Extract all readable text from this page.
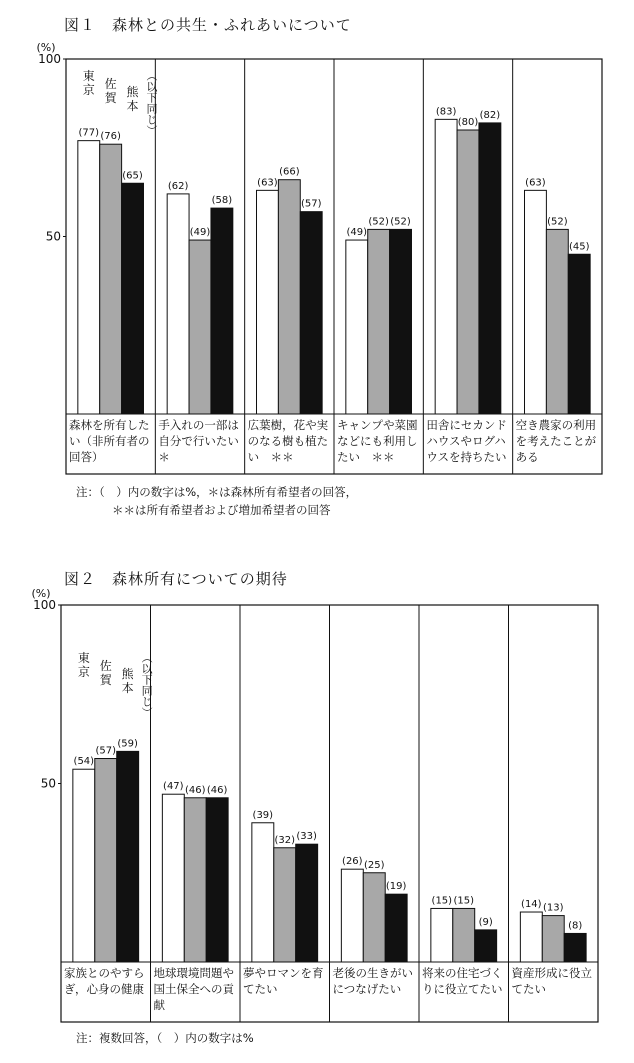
図１　森林との共生・ふれあいについて
注：（　）内の数字は%，＊は森林所有希望者の回答，
＊＊は所有希望者および増加希望者の回答
図２　森林所有についての期待
注：複数回答，（　）内の数字は%
(%)
100
50
(77) (76)
(65)
森林を所有した
い（非所有者の
回答）
(62)
(49)
(58)
手入れの一部は
自分で行いたい
＊
(63)
(66)
(57)
広葉樹，花や実
のなる樹も植た
い　＊＊
(49)
(52) (52)
キャンプや菜園
などにも利用し
たい　＊＊
(83)
(80)
(82)
田舎にセカンド
ハウスやログハ
ウスを持ちたい
(63)
(52)
(45)
空き農家の利用
を考えたことが
ある
東京 佐賀 熊本 （以下同じ）
(%)
100
50
(54)
(57)
(59)
家族とのやすら
ぎ，心身の健康
(47) (46) (46)
地球環境問題や
国土保全への貢
献
(39)
(32) (33)
夢やロマンを育
てたい
(26) (25)
(19)
老後の生きがい
につなげたい
(15) (15)
(9)
将来の住宅づく
りに役立てたい
(14) (13)
(8)
資産形成に役立
てたい
東京 佐賀 熊本 （以下同じ）
